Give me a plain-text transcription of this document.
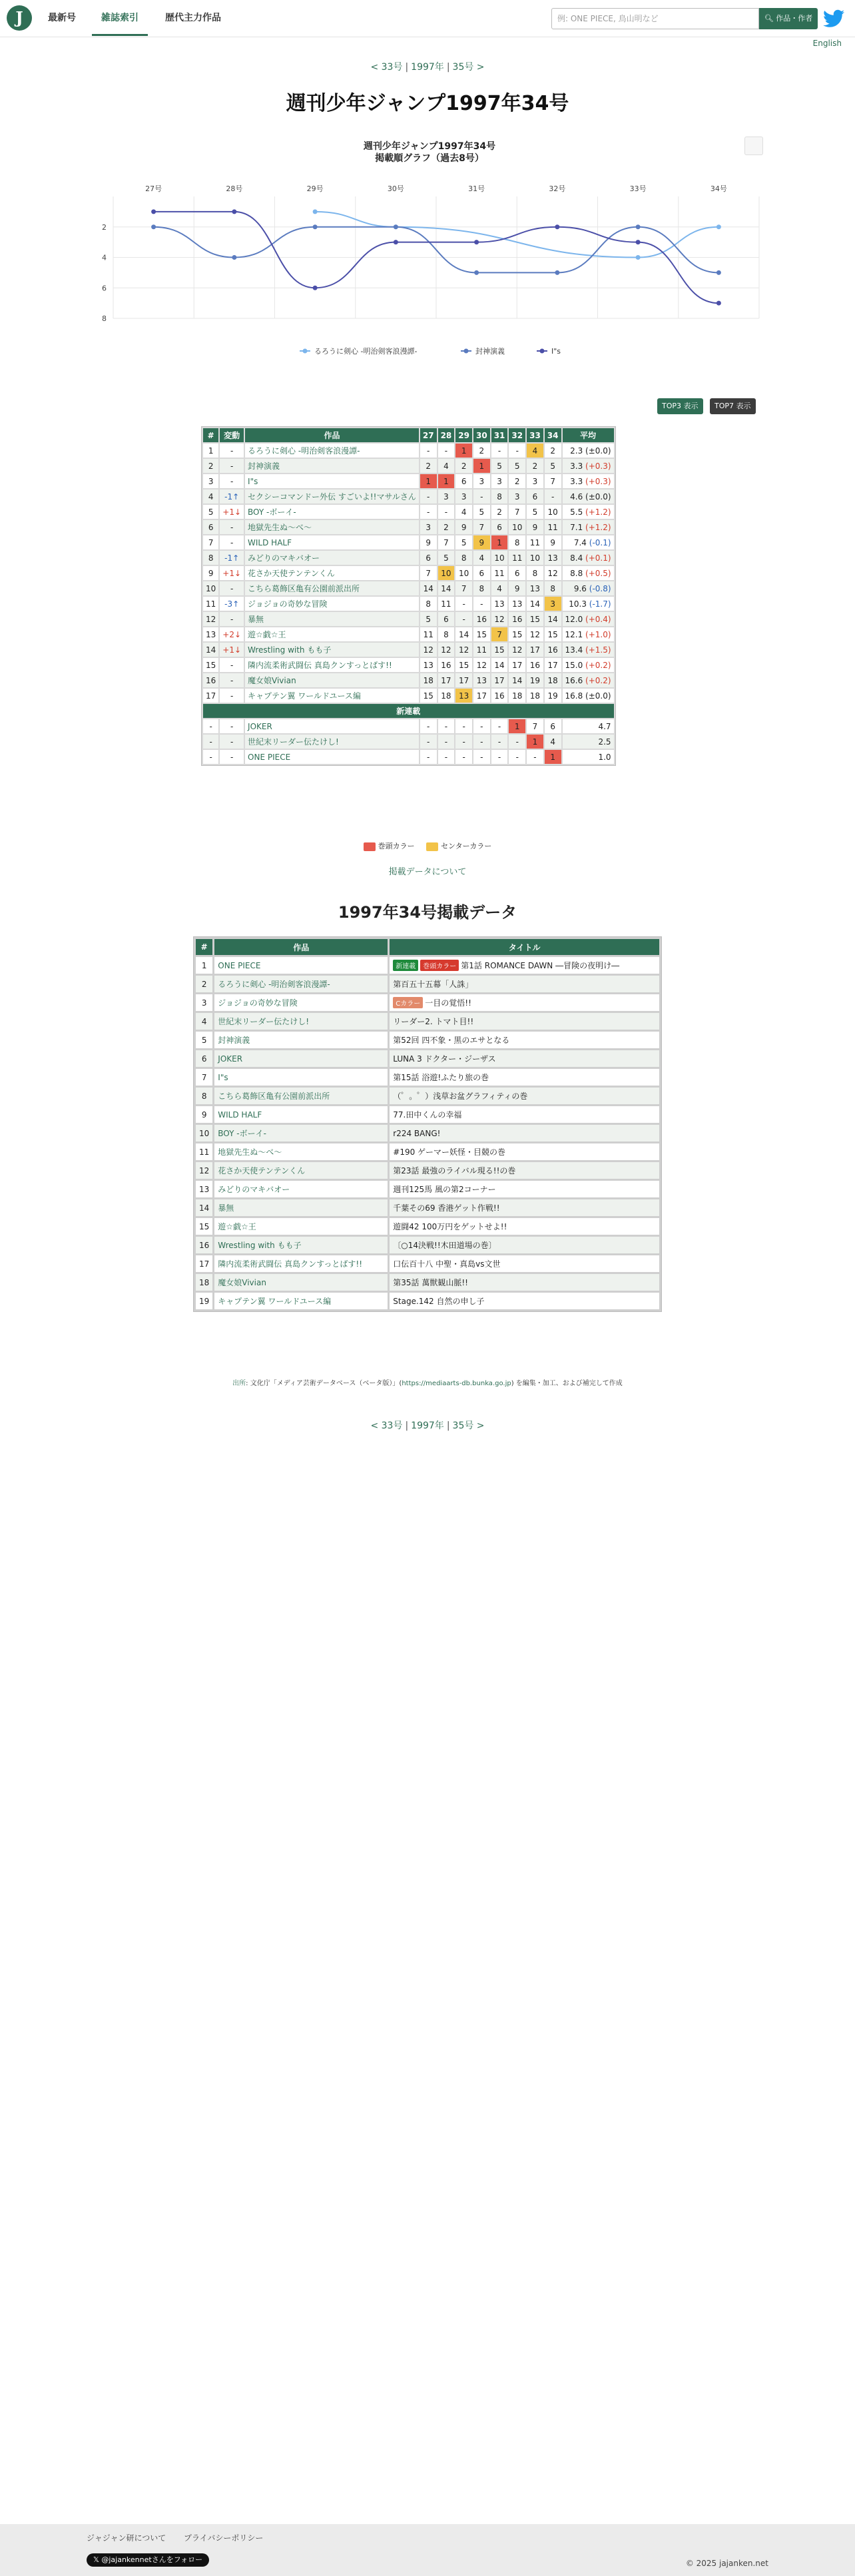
J	最新号	雑誌索引	歴代主力作品	例: ONE PIECE, 鳥山明など	🔍︎ 作品・作者
English
< 33号 | 1997年 | 35号 >
週刊少年ジャンプ1997年34号
週刊少年ジャンプ1997年34号
掲載順グラフ（過去8号）
27号	28号	29号	30号	31号	32号	33号	34号
2
4
6
8
るろうに剣心 -明治剣客浪漫譚-	封神演義	I"s
TOP3 表示	TOP7 表示
#	変動	作品	27	28	29	30	31	32	33	34	平均
1	-	るろうに剣心 -明治剣客浪漫譚-	-	-	1	2	-	-	4	2	2.3 (±0.0)
2	-	封神演義	2	4	2	1	5	5	2	5	3.3 (+0.3)
3	-	I"s	1	1	6	3	3	2	3	7	3.3 (+0.3)
4	-1↑	セクシーコマンドー外伝 すごいよ!!マサルさん	-	3	3	-	8	3	6	-	4.6 (±0.0)
5	+1↓	BOY -ボーイ-	-	-	4	5	2	7	5	10	5.5 (+1.2)
6	-	地獄先生ぬ～べ～	3	2	9	7	6	10	9	11	7.1 (+1.2)
7	-	WILD HALF	9	7	5	9	1	8	11	9	7.4 (-0.1)
8	-1↑	みどりのマキバオー	6	5	8	4	10	11	10	13	8.4 (+0.1)
9	+1↓	花さか天使テンテンくん	7	10	10	6	11	6	8	12	8.8 (+0.5)
10	-	こちら葛飾区亀有公園前派出所	14	14	7	8	4	9	13	8	9.6 (-0.8)
11	-3↑	ジョジョの奇妙な冒険	8	11	-	-	13	13	14	3	10.3 (-1.7)
12	-	暴無	5	6	-	16	12	16	15	14	12.0 (+0.4)
13	+2↓	遊☆戯☆王	11	8	14	15	7	15	12	15	12.1 (+1.0)
14	+1↓	Wrestling with もも子	12	12	12	11	15	12	17	16	13.4 (+1.5)
15	-	隣内流柔術武闘伝 真島クンすっとばす!!	13	16	15	12	14	17	16	17	15.0 (+0.2)
16	-	魔女娘Vivian	18	17	17	13	17	14	19	18	16.6 (+0.2)
17	-	キャプテン翼 ワールドユース編	15	18	13	17	16	18	18	19	16.8 (±0.0)
新連載											
-	-	JOKER	-	-	-	-	-	1	7	6	4.7
-	-	世紀末リーダー伝たけし!	-	-	-	-	-	-	1	4	2.5
-	-	ONE PIECE	-	-	-	-	-	-	-	1	1.0
巻頭カラー	センターカラー
掲載データについて
1997年34号掲載データ
#	作品	タイトル
1	ONE PIECE	新連載 巻頭カラー 第1話 ROMANCE DAWN ―冒険の夜明け―
2	るろうに剣心 -明治剣客浪漫譚-	第百五十五幕「人誅」
3	ジョジョの奇妙な冒険	Cカラー 一目の覚悟!!
4	世紀末リーダー伝たけし!	リーダー2. トマト目!!
5	封神演義	第52回 四不象・黒のエサとなる
6	JOKER	LUNA 3 ドクター・ジーザス
7	I"s	第15話 浴遊!ふたり旅の巻
8	こちら葛飾区亀有公園前派出所	（゜。゜）浅草お盆グラフィティの巻
9	WILD HALF	77.田中くんの幸福
10	BOY -ボーイ-	r224 BANG!
11	地獄先生ぬ～べ～	#190 ゲーマー妖怪・目競の巻
12	花さか天使テンテンくん	第23話 最強のライバル現る!!の巻
13	みどりのマキバオー	週刊125馬 風の第2コーナー
14	暴無	千葉その69 香港ゲット作戦!!
15	遊☆戯☆王	遊闘42 100万円をゲットせよ!!
16	Wrestling with もも子	〔○14決戦!!木田道場の巻〕
17	隣内流柔術武闘伝 真島クンすっとばす!!	口伝百十八 中聖・真島vs文世
18	魔女娘Vivian	第35話 萬獣観山脈!!
19	キャプテン翼 ワールドユース編	Stage.142 自然の申し子
出所: 文化庁「メディア芸術データベース（ベータ版）」(https://mediaarts-db.bunka.go.jp) を編集・加工、および補完して作成
< 33号 | 1997年 | 35号 >
ジャジャン研について プライバシーポリシー
𝕏 @jajankennetさんをフォロー	© 2025 jajanken.net
